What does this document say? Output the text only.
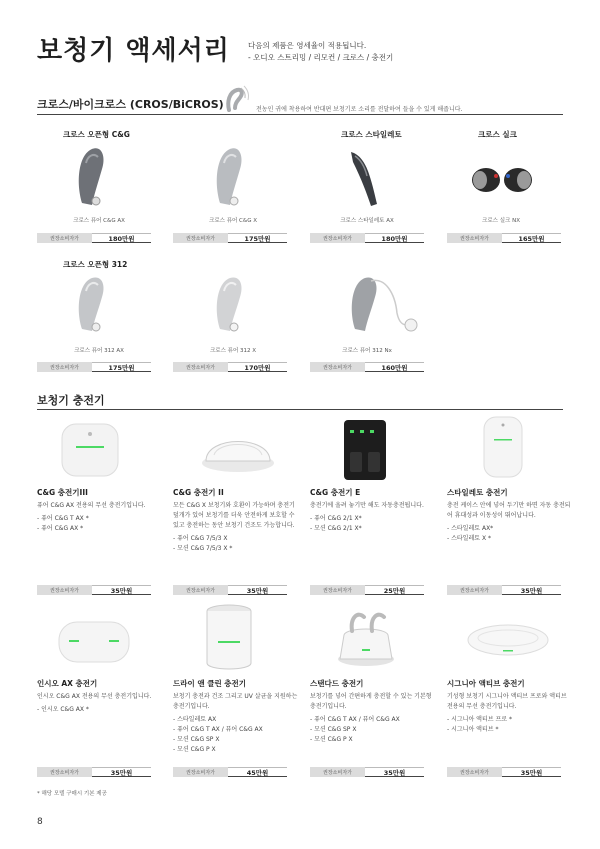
보청기 액세서리 다음의 제품은 영세율이 적용됩니다.
- 오디오 스트리밍 / 리모컨 / 크로스 / 충전기
크로스/바이크로스 (CROS/BiCROS)	전농인 귀에 착용하여 반대편 보청기로 소리를 전달하여 들을 수 있게 해줍니다.
크로스 오픈형 C&G	크로스 스타일레토	크로스 실크
크로스 오픈형 312
크로스 퓨어 C&G AX	크로스 퓨어 C&G X	크로스 스타일레토 AX	크로스 실크 NX
권장소비자가	180만원	권장소비자가	175만원	권장소비자가	180만원	권장소비자가	165만원
크로스 퓨어 312 AX	크로스 퓨어 312 X	크로스 퓨어 312 Nx
권장소비자가	175만원	권장소비자가	170만원	권장소비자가	160만원
보청기 충전기
C&G 충전기III
퓨어 C&G AX 전용의 무선 충전기입니다.
- 퓨어 C&G T AX *
- 퓨어 C&G AX *
C&G 충전기 II
모든 C&G X 보청기와 호환이 가능하며 충전기 덮개가 있어 보청기를 더욱 안전하게 보호할 수 있고 충전하는 동안 보청기 건조도 가능합니다.
- 퓨어 C&G 7/5/3 X
- 모션 C&G 7/5/3 X *
C&G 충전기 E
충전기에 올려 놓기만 해도 자동충전됩니다.
- 퓨어 C&G 2/1 X*
- 모션 C&G 2/1 X*
스타일레토 충전기
충전 케이스 안에 넣어 두기만 하면 자동 충전되어 휴대성과 이동성이 뛰어납니다.
- 스타일레토 AX*
- 스타일레토 X *
권장소비자가	35만원	권장소비자가	35만원	권장소비자가	25만원	권장소비자가	35만원
인시오 AX 충전기
인시오 C&G AX 전용의 무선 충전기입니다.
- 인시오 C&G AX *
드라이 앤 클린 충전기
보청기 충전과 건조 그리고 UV 살균을 지원하는 충전기입니다.
- 스타일레토 AX
- 퓨어 C&G T AX / 퓨어 C&G AX
- 모션 C&G SP X
- 모션 C&G P X
스탠다드 충전기
보청기를 넣어 간편하게 충전할 수 있는 기본형 충전기입니다.
- 퓨어 C&G T AX / 퓨어 C&G AX
- 모션 C&G SP X
- 모션 C&G P X
시그니아 액티브 충전기
기성형 보청기 시그니아 액티브 프로와 액티브 전용의 무선 충전기입니다.
- 시그니아 액티브 프로 *
- 시그니아 액티브 *
권장소비자가	35만원	권장소비자가	45만원	권장소비자가	35만원	권장소비자가	35만원
* 해당 모델 구매시 기본 제공
8
